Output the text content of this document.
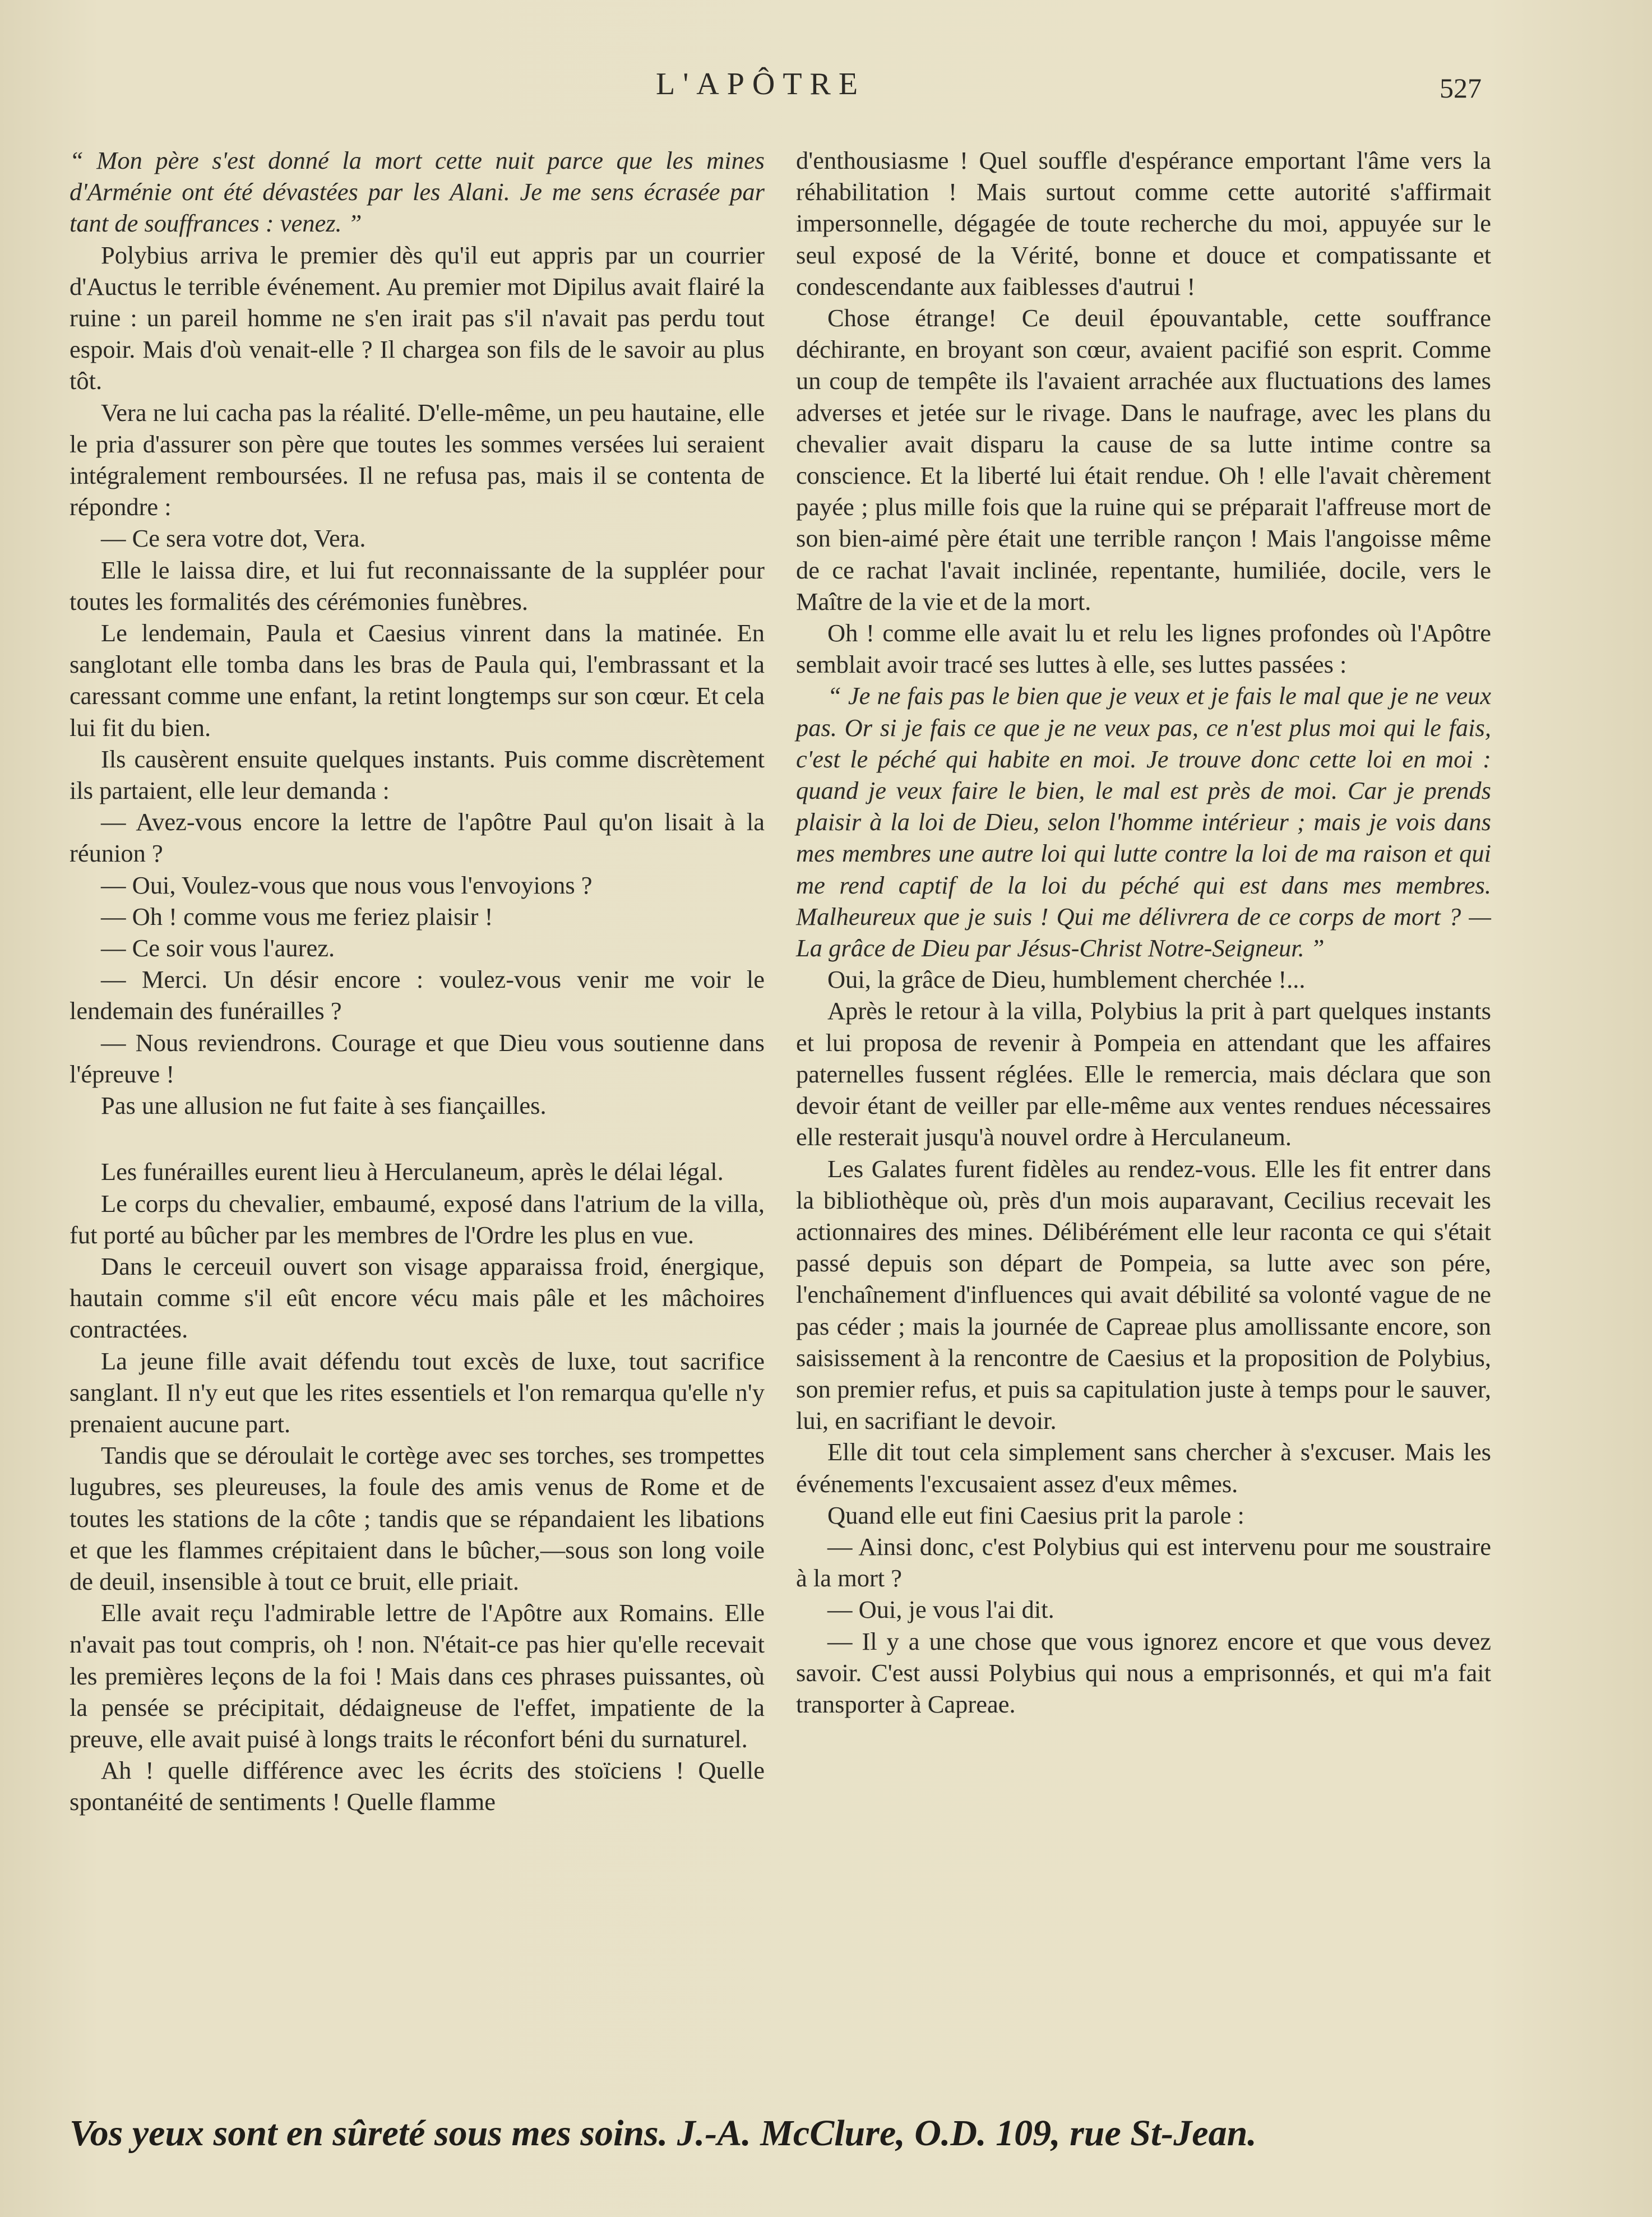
L'APÔTRE	527

“ Mon père s'est donné la mort cette nuit parce que les mines d'Arménie ont été dévastées par les Alani. Je me sens écrasée par tant de souffrances : venez. ”

Polybius arriva le premier dès qu'il eut appris par un courrier d'Auctus le terrible événement. Au premier mot Dipilus avait flairé la ruine : un pareil homme ne s'en irait pas s'il n'avait pas perdu tout espoir. Mais d'où venait-elle ? Il chargea son fils de le savoir au plus tôt.

Vera ne lui cacha pas la réalité. D'elle-même, un peu hautaine, elle le pria d'assurer son père que toutes les sommes versées lui seraient intégralement remboursées. Il ne refusa pas, mais il se contenta de répondre :

— Ce sera votre dot, Vera.

Elle le laissa dire, et lui fut reconnaissante de la suppléer pour toutes les formalités des cérémonies funèbres.

Le lendemain, Paula et Caesius vinrent dans la matinée. En sanglotant elle tomba dans les bras de Paula qui, l'embrassant et la caressant comme une enfant, la retint longtemps sur son cœur. Et cela lui fit du bien.

Ils causèrent ensuite quelques instants. Puis comme discrètement ils partaient, elle leur demanda :

— Avez-vous encore la lettre de l'apôtre Paul qu'on lisait à la réunion ?

— Oui, Voulez-vous que nous vous l'envoyions ?

— Oh ! comme vous me feriez plaisir !

— Ce soir vous l'aurez.

— Merci. Un désir encore : voulez-vous venir me voir le lendemain des funérailles ?

— Nous reviendrons. Courage et que Dieu vous soutienne dans l'épreuve !

Pas une allusion ne fut faite à ses fiançailles.

Les funérailles eurent lieu à Herculaneum, après le délai légal.

Le corps du chevalier, embaumé, exposé dans l'atrium de la villa, fut porté au bûcher par les membres de l'Ordre les plus en vue.

Dans le cerceuil ouvert son visage apparaissa froid, énergique, hautain comme s'il eût encore vécu mais pâle et les mâchoires contractées.

La jeune fille avait défendu tout excès de luxe, tout sacrifice sanglant. Il n'y eut que les rites essentiels et l'on remarqua qu'elle n'y prenaient aucune part.

Tandis que se déroulait le cortège avec ses torches, ses trompettes lugubres, ses pleureuses, la foule des amis venus de Rome et de toutes les stations de la côte ; tandis que se répandaient les libations et que les flammes crépitaient dans le bûcher,—sous son long voile de deuil, insensible à tout ce bruit, elle priait.

Elle avait reçu l'admirable lettre de l'Apôtre aux Romains. Elle n'avait pas tout compris, oh ! non. N'était-ce pas hier qu'elle recevait les premières leçons de la foi ! Mais dans ces phrases puissantes, où la pensée se précipitait, dédaigneuse de l'effet, impatiente de la preuve, elle avait puisé à longs traits le réconfort béni du surnaturel.

Ah ! quelle différence avec les écrits des stoïciens ! Quelle spontanéité de sentiments ! Quelle flamme

d'enthousiasme ! Quel souffle d'espérance emportant l'âme vers la réhabilitation ! Mais surtout comme cette autorité s'affirmait impersonnelle, dégagée de toute recherche du moi, appuyée sur le seul exposé de la Vérité, bonne et douce et compatissante et condescendante aux faiblesses d'autrui !

Chose étrange! Ce deuil épouvantable, cette souffrance déchirante, en broyant son cœur, avaient pacifié son esprit. Comme un coup de tempête ils l'avaient arrachée aux fluctuations des lames adverses et jetée sur le rivage. Dans le naufrage, avec les plans du chevalier avait disparu la cause de sa lutte intime contre sa conscience. Et la liberté lui était rendue. Oh ! elle l'avait chèrement payée ; plus mille fois que la ruine qui se préparait l'affreuse mort de son bien-aimé père était une terrible rançon ! Mais l'angoisse même de ce rachat l'avait inclinée, repentante, humiliée, docile, vers le Maître de la vie et de la mort.

Oh ! comme elle avait lu et relu les lignes profondes où l'Apôtre semblait avoir tracé ses luttes à elle, ses luttes passées :

“ Je ne fais pas le bien que je veux et je fais le mal que je ne veux pas. Or si je fais ce que je ne veux pas, ce n'est plus moi qui le fais, c'est le péché qui habite en moi. Je trouve donc cette loi en moi : quand je veux faire le bien, le mal est près de moi. Car je prends plaisir à la loi de Dieu, selon l'homme intérieur ; mais je vois dans mes membres une autre loi qui lutte contre la loi de ma raison et qui me rend captif de la loi du péché qui est dans mes membres. Malheureux que je suis ! Qui me délivrera de ce corps de mort ? — La grâce de Dieu par Jésus-Christ Notre-Seigneur. ”

Oui, la grâce de Dieu, humblement cherchée !...

Après le retour à la villa, Polybius la prit à part quelques instants et lui proposa de revenir à Pompeia en attendant que les affaires paternelles fussent réglées. Elle le remercia, mais déclara que son devoir étant de veiller par elle-même aux ventes rendues nécessaires elle resterait jusqu'à nouvel ordre à Herculaneum.

Les Galates furent fidèles au rendez-vous. Elle les fit entrer dans la bibliothèque où, près d'un mois auparavant, Cecilius recevait les actionnaires des mines. Délibérément elle leur raconta ce qui s'était passé depuis son départ de Pompeia, sa lutte avec son pére, l'enchaînement d'influences qui avait débilité sa volonté vague de ne pas céder ; mais la journée de Capreae plus amollissante encore, son saisissement à la rencontre de Caesius et la proposition de Polybius, son premier refus, et puis sa capitulation juste à temps pour le sauver, lui, en sacrifiant le devoir.

Elle dit tout cela simplement sans chercher à s'excuser. Mais les événements l'excusaient assez d'eux mêmes.

Quand elle eut fini Caesius prit la parole :

— Ainsi donc, c'est Polybius qui est intervenu pour me soustraire à la mort ?

— Oui, je vous l'ai dit.

— Il y a une chose que vous ignorez encore et que vous devez savoir. C'est aussi Polybius qui nous a emprisonnés, et qui m'a fait transporter à Capreae.

Vos yeux sont en sûreté sous mes soins. J.-A. McClure, O.D. 109, rue St-Jean.
